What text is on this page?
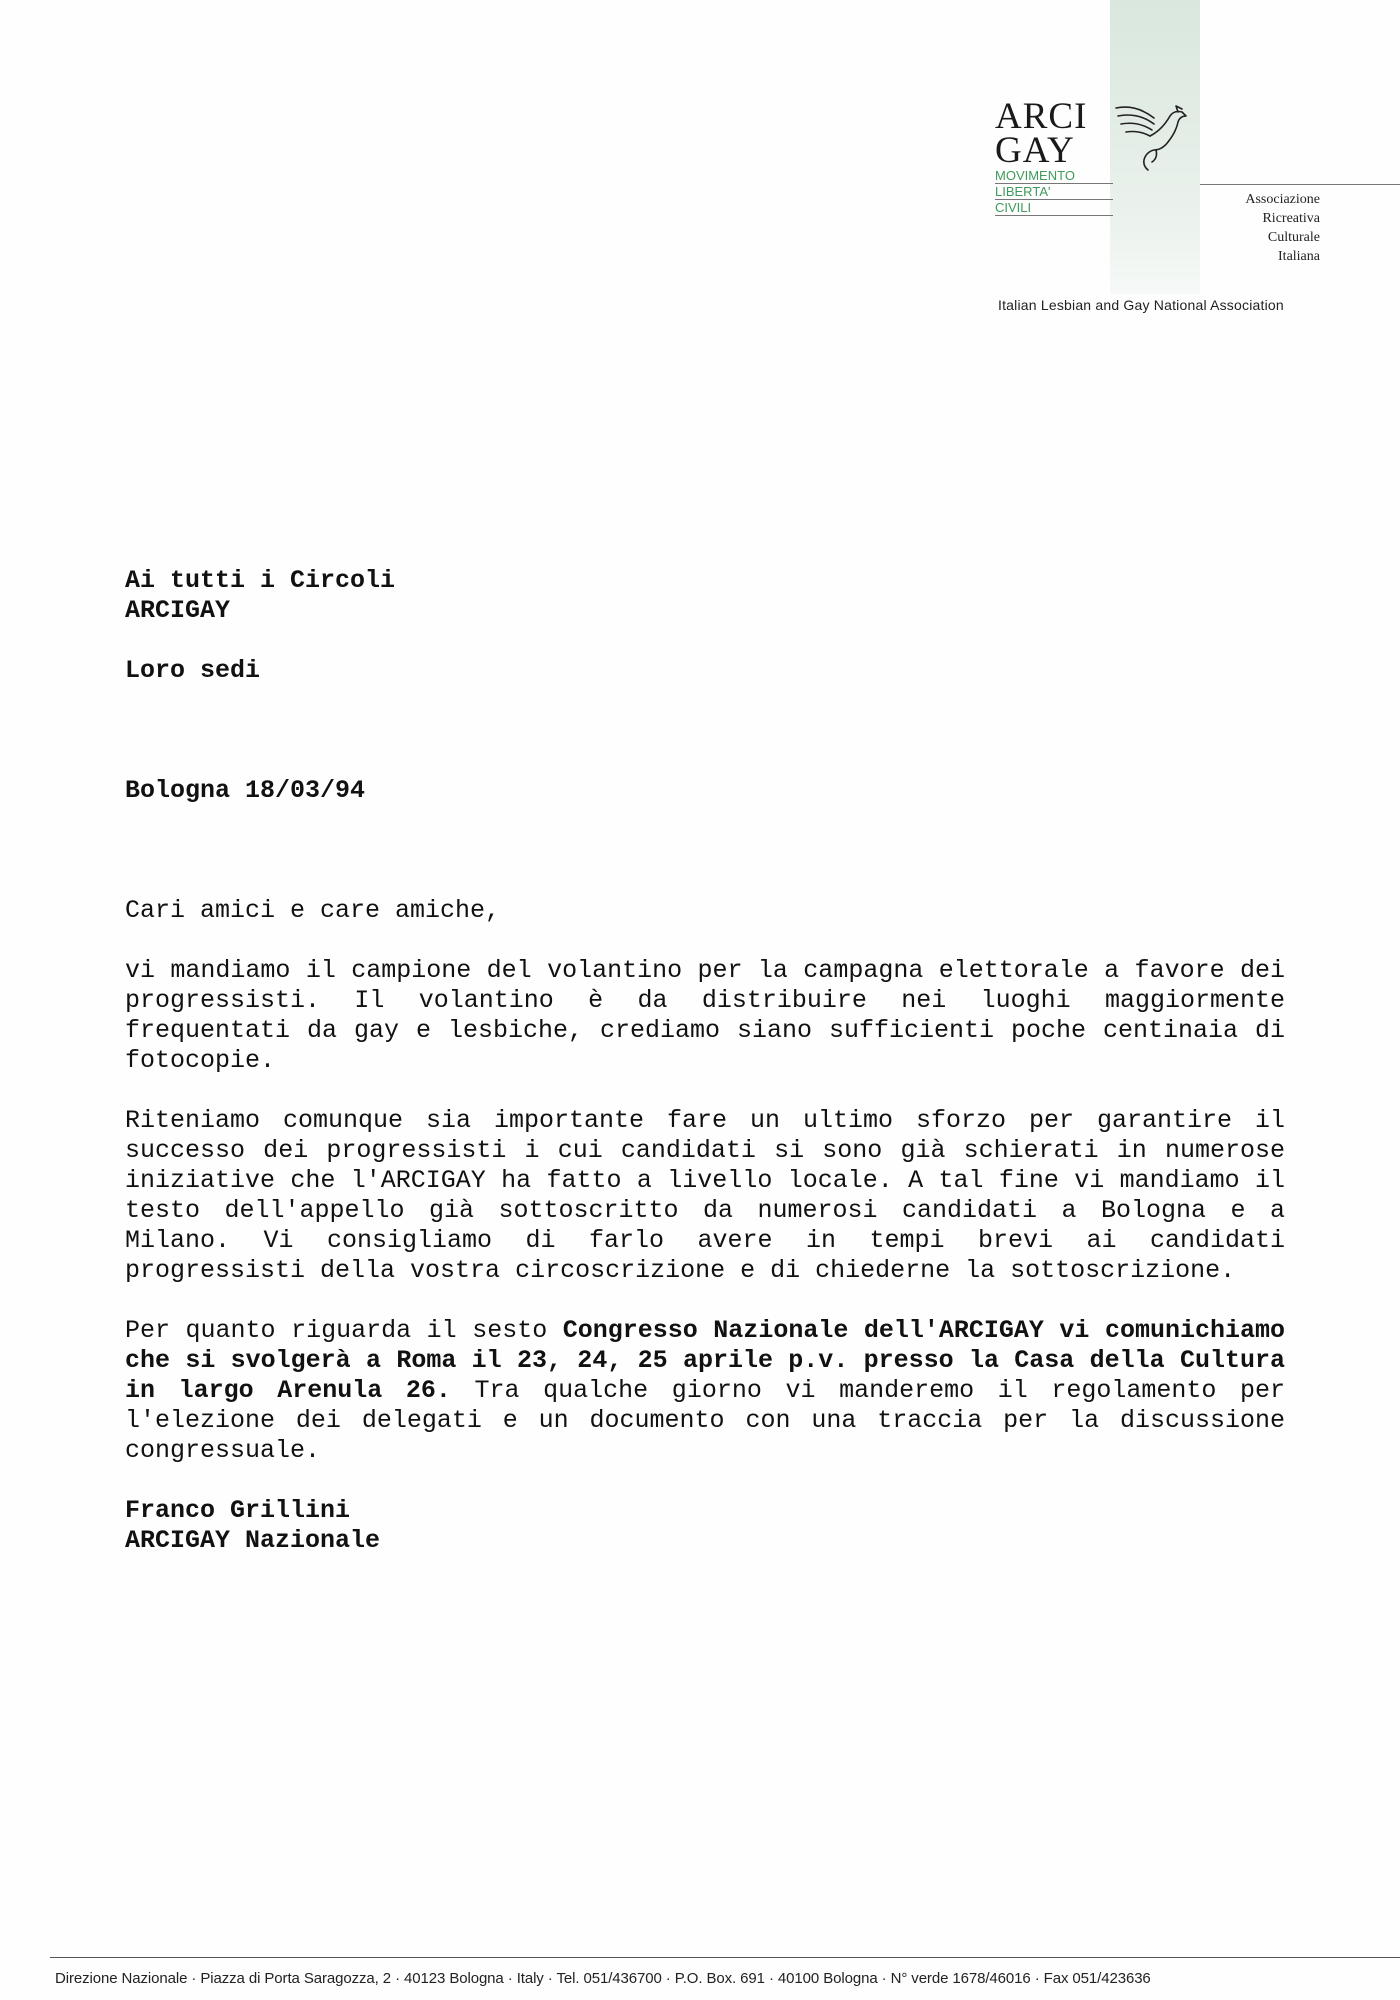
ARCI
GAY
MOVIMENTO
LIBERTA'
CIVILI
Associazione
Ricreativa
Culturale
Italiana
Italian Lesbian and Gay National Association

Ai tutti i Circoli

ARCIGAY

Loro sedi

Bologna 18/03/94

Cari amici e care amiche,

vi mandiamo il campione del volantino per la campagna elettorale a favore dei progressisti. Il volantino è da distribuire nei luoghi maggiormente frequentati da gay e lesbiche, crediamo siano sufficienti poche centinaia di fotocopie.

Riteniamo comunque sia importante fare un ultimo sforzo per garantire il successo dei progressisti i cui candidati si sono già schierati in numerose iniziative che l'ARCIGAY ha fatto a livello locale. A tal fine vi mandiamo il testo dell'appello già sottoscritto da numerosi candidati a Bologna e a Milano. Vi consigliamo di farlo avere in tempi brevi ai candidati progressisti della vostra circoscrizione e di chiederne la sottoscrizione.

Per quanto riguarda il sesto Congresso Nazionale dell'ARCIGAY vi comunichiamo che si svolgerà a Roma il 23, 24, 25 aprile p.v. presso la Casa della Cultura in largo Arenula 26. Tra qualche giorno vi manderemo il regolamento per l'elezione dei delegati e un documento con una traccia per la discussione congressuale.

Franco Grillini

ARCIGAY Nazionale

Direzione Nazionale · Piazza di Porta Saragozza, 2 · 40123 Bologna · Italy · Tel. 051/436700 · P.O. Box. 691 · 40100 Bologna · N° verde 1678/46016 · Fax 051/423636
